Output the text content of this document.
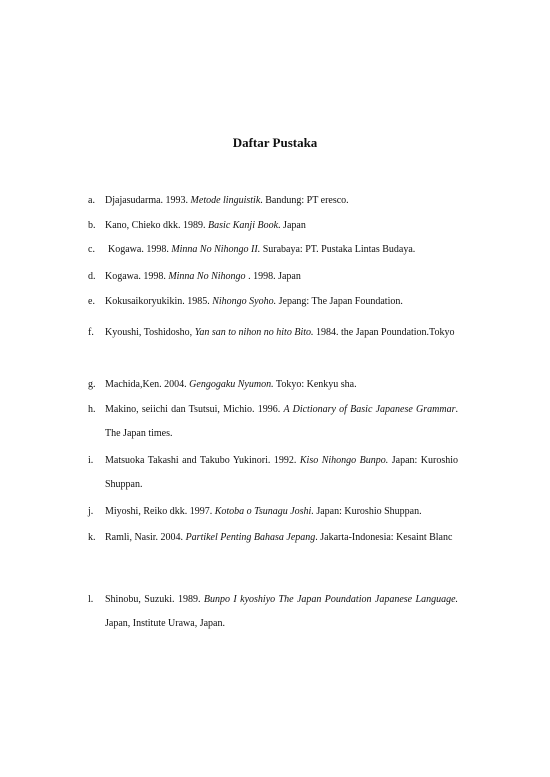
Daftar Pustaka
a.	Djajasudarma. 1993. Metode linguistik. Bandung: PT eresco.
b. Kano, Chieko dkk. 1989. Basic Kanji Book. Japan
c.	Kogawa. 1998. Minna No Nihongo II. Surabaya: PT. Pustaka Lintas Budaya.
d. Kogawa. 1998. Minna No Nihongo . 1998. Japan
e.	Kokusaikoryukikin. 1985. Nihongo Syoho. Jepang: The Japan Foundation.
f.	Kyoushi, Toshidosho, Yan san to nihon no hito Bito. 1984. the Japan Poundation.Tokyo
g. Machida,Ken. 2004. Gengogaku Nyumon. Tokyo: Kenkyu sha.
h. Makino, seiichi dan Tsutsui, Michio. 1996. A Dictionary of Basic Japanese Grammar. The Japan times.
i.	Matsuoka Takashi and Takubo Yukinori. 1992. Kiso Nihongo Bunpo. Japan: Kuroshio Shuppan.
j.	Miyoshi, Reiko dkk. 1997. Kotoba o Tsunagu Joshi. Japan: Kuroshio Shuppan.
k. Ramli, Nasir. 2004. Partikel Penting Bahasa Jepang. Jakarta-Indonesia: Kesaint Blanc
l.	Shinobu, Suzuki. 1989. Bunpo I kyoshiyo The Japan Poundation Japanese Language. Japan, Institute Urawa, Japan.
